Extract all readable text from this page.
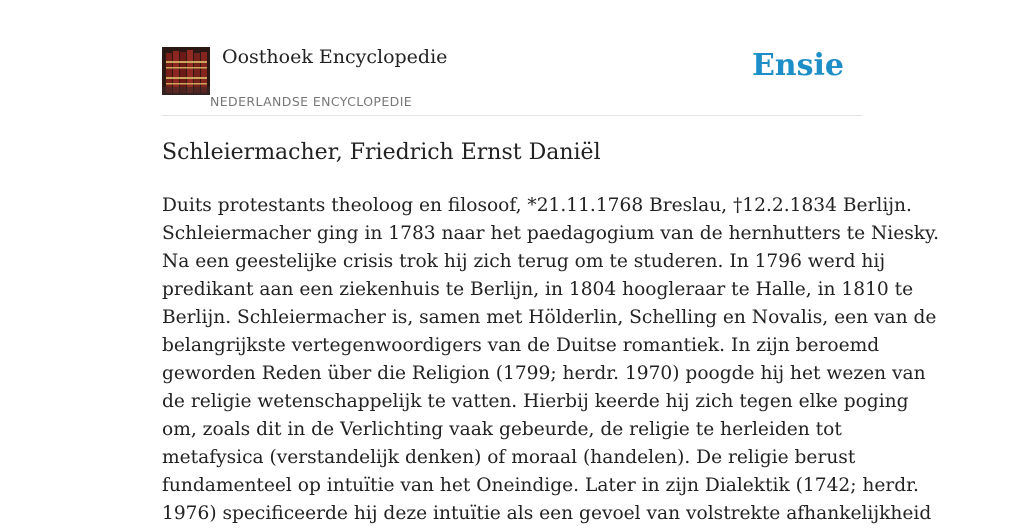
Oosthoek Encyclopedie
NEDERLANDSE ENCYCLOPEDIE
Ensie
Schleiermacher, Friedrich Ernst Daniël
Duits protestants theoloog en filosoof, *21.11.1768 Breslau, †12.2.1834 Berlijn.
Schleiermacher ging in 1783 naar het paedagogium van de hernhutters te Niesky.
Na een geestelijke crisis trok hij zich terug om te studeren. In 1796 werd hij
predikant aan een ziekenhuis te Berlijn, in 1804 hoogleraar te Halle, in 1810 te
Berlijn. Schleiermacher is, samen met Hölderlin, Schelling en Novalis, een van de
belangrijkste vertegenwoordigers van de Duitse romantiek. In zijn beroemd
geworden Reden über die Religion (1799; herdr. 1970) poogde hij het wezen van
de religie wetenschappelijk te vatten. Hierbij keerde hij zich tegen elke poging
om, zoals dit in de Verlichting vaak gebeurde, de religie te herleiden tot
metafysica (verstandelijk denken) of moraal (handelen). De religie berust
fundamenteel op intuïtie van het Oneindige. Later in zijn Dialektik (1742; herdr.
1976) specificeerde hij deze intuïtie als een gevoel van volstrekte afhankelijkheid
